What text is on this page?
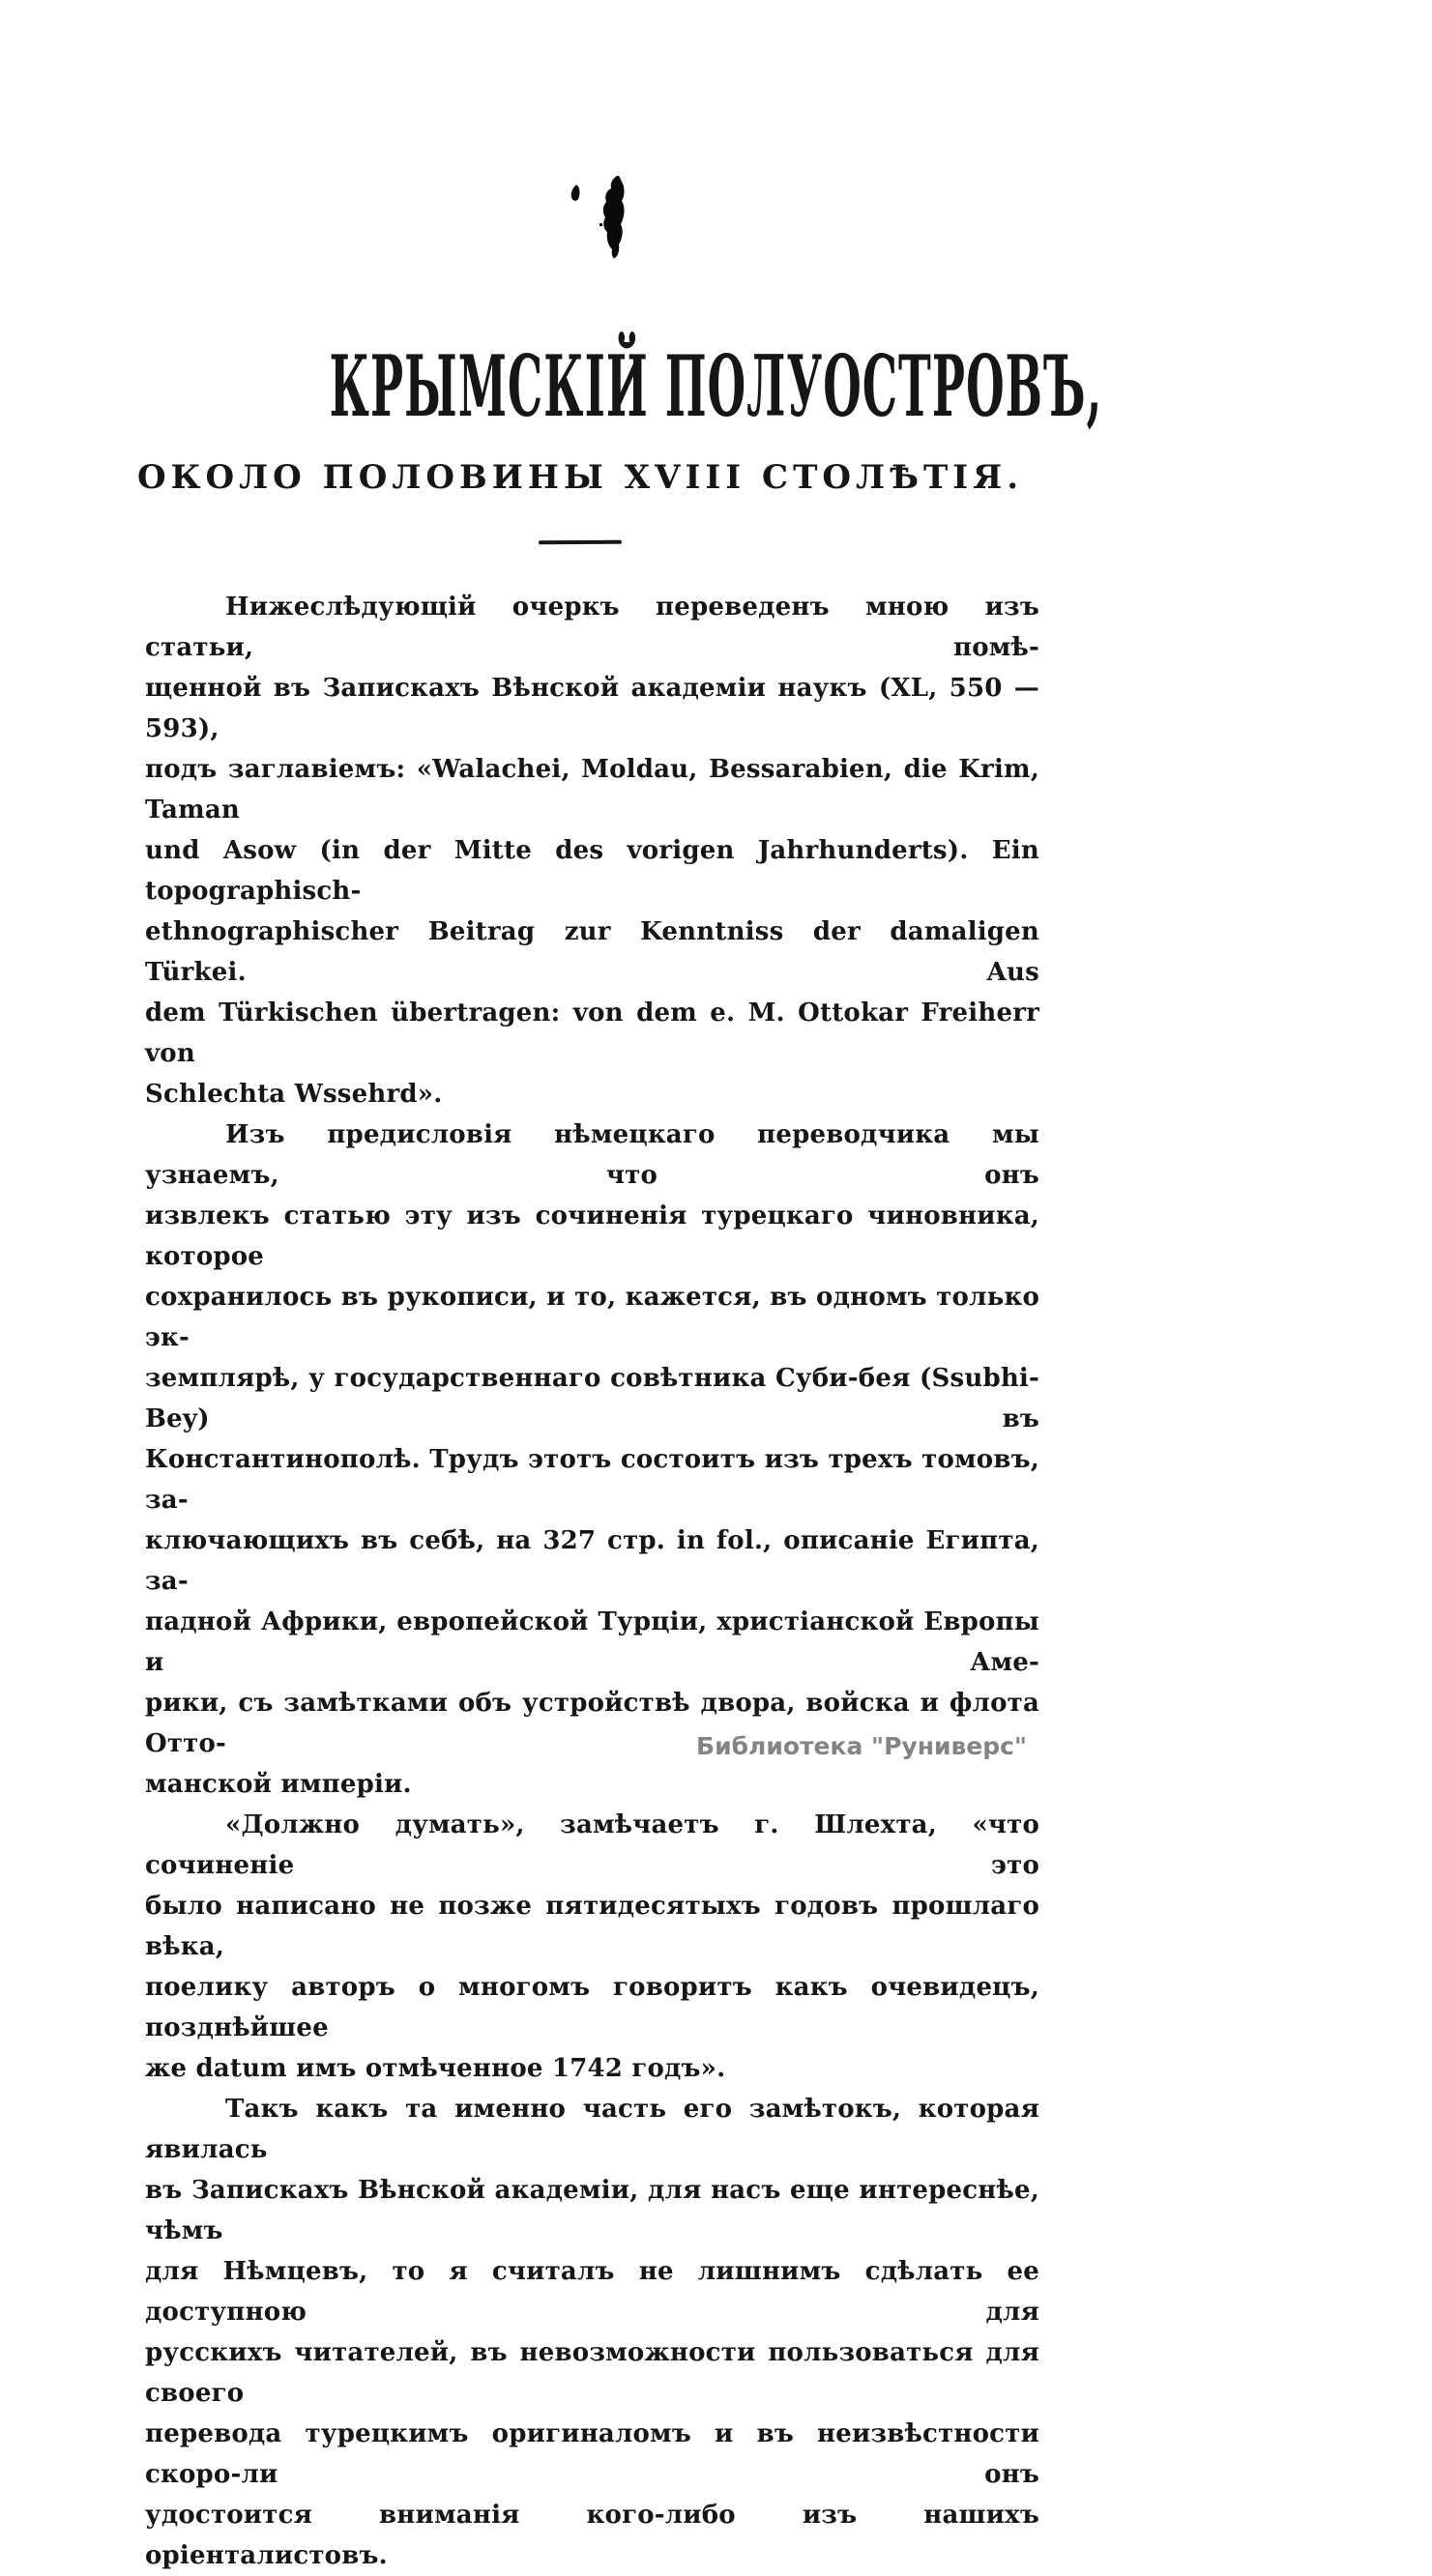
КРЫМСКІЙ ПОЛУОСТРОВЪ,
ОКОЛО ПОЛОВИНЫ XVIII СТОЛѢТІЯ.
Нижеслѣдующій очеркъ переведенъ мною изъ статьи, помѣ-
щенной въ Запискахъ Вѣнской академіи наукъ (XL, 550 — 593),
подъ заглавіемъ: «Walachei, Moldau, Bessarabien, die Krim, Taman
und Asow (in der Mitte des vorigen Jahrhunderts). Ein topographisch-
ethnographischer Beitrag zur Kenntniss der damaligen Türkei. Aus
dem Türkischen übertragen: von dem e. M. Ottokar Freiherr von
Schlechta Wssehrd».
Изъ предисловія нѣмецкаго переводчика мы узнаемъ, что онъ
извлекъ статью эту изъ сочиненія турецкаго чиновника, которое
сохранилось въ рукописи, и то, кажется, въ одномъ только эк-
земплярѣ, у государственнаго совѣтника Суби-бея (Ssubhi-Bey) въ
Константинополѣ. Трудъ этотъ состоитъ изъ трехъ томовъ, за-
ключающихъ въ себѣ, на 327 стр. in fol., описаніе Египта, за-
падной Африки, европейской Турціи, христіанской Европы и Аме-
рики, съ замѣтками объ устройствѣ двора, войска и флота Отто-
манской имперіи.
«Должно думать», замѣчаетъ г. Шлехта, «что сочиненіе это
было написано не позже пятидесятыхъ годовъ прошлаго вѣка,
поелику авторъ о многомъ говоритъ какъ очевидецъ, позднѣйшее
же datum имъ отмѣченное 1742 годъ».
Такъ какъ та именно часть его замѣтокъ, которая явилась
въ Запискахъ Вѣнской академіи, для насъ еще интереснѣе, чѣмъ
для Нѣмцевъ, то я считалъ не лишнимъ сдѣлать ее доступною для
русскихъ читателей, въ невозможности пользоваться для своего
перевода турецкимъ оригиналомъ и въ неизвѣстности скоро-ли онъ
удостоится вниманія кого-либо изъ нашихъ оріенталистовъ.
Библиотека "Руниверс"
